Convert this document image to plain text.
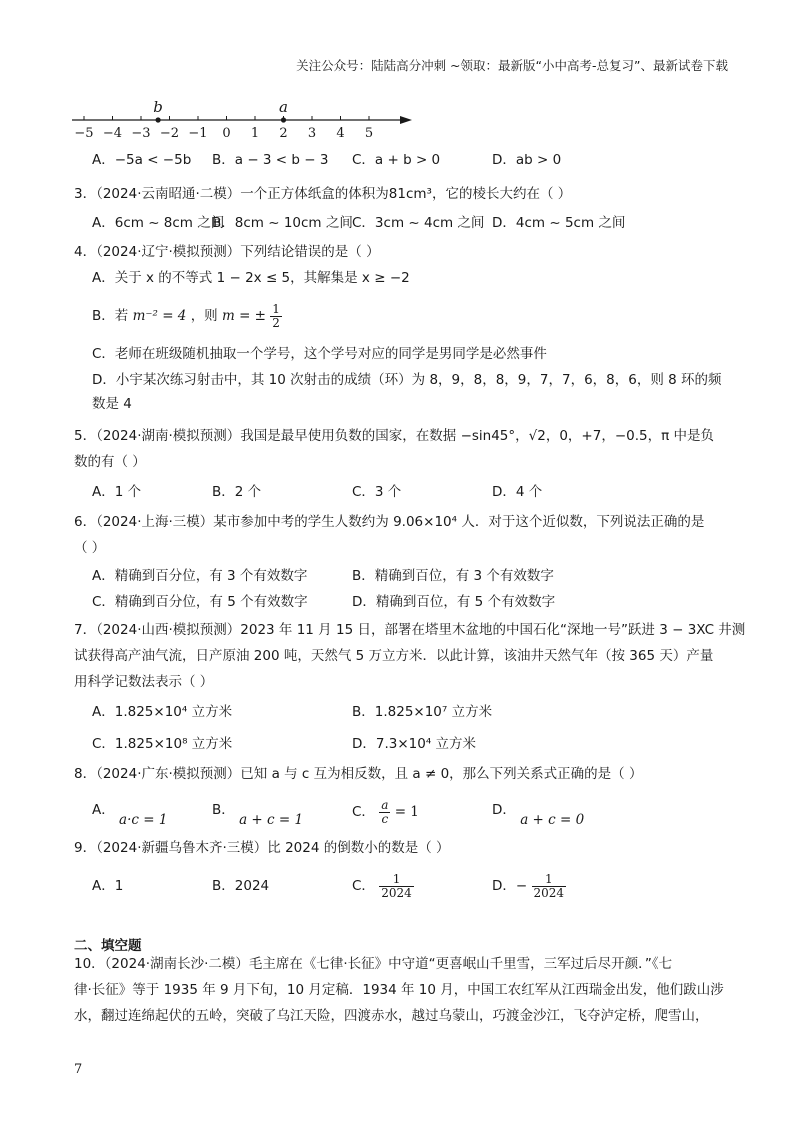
关注公众号：陆陆高分冲刺 ~领取：最新版“小中高考-总复习”、最新试卷下载
−5 −4 −3 −2 −1 0 1 2 3 4 5
b	a
A．−5a < −5b B．a − 3 < b − 3 C．a + b > 0	D．ab > 0
3．（2024·云南昭通·二模）一个正方体纸盒的体积为81cm³，它的棱长大约在（ ）
A．6cm ~ 8cm 之间
B．8cm ~ 10cm 之间 C．3cm ~ 4cm 之间 D．4cm ~ 5cm 之间
4．（2024·辽宁·模拟预测）下列结论错误的是（ ）
A．关于 x 的不等式 1 − 2x ≤ 5，其解集是 x ≥ −2
B．若 m⁻² = 4 ，则 m = ± $\frac{1}{2}$
C．老师在班级随机抽取一个学号，这个学号对应的同学是男同学是必然事件
D．小宇某次练习射击中，其 10 次射击的成绩（环）为 8，9，8，8，9，7，7，6，8，6，则 8 环的频
数是 4
5．（2024·湖南·模拟预测）我国是最早使用负数的国家，在数据 −sin45°，√2，0，+7，−0.5，π 中是负
数的有（ ）
A．1 个	B．2 个	C．3 个	D．4 个
6．（2024·上海·三模）某市参加中考的学生人数约为 9.06×10⁴ 人．对于这个近似数，下列说法正确的是
（ ）
A．精确到百分位，有 3 个有效数字	B．精确到百位，有 3 个有效数字
C．精确到百分位，有 5 个有效数字	D．精确到百位，有 5 个有效数字
7．（2024·山西·模拟预测）2023 年 11 月 15 日，部署在塔里木盆地的中国石化“深地一号”跃进 3 − 3XC 井测
试获得高产油气流，日产原油 200 吨，天然气 5 万立方米．以此计算，该油井天然气年（按 365 天）产量
用科学记数法表示（ ）
A．1.825×10⁴ 立方米	B．1.825×10⁷ 立方米
C．1.825×10⁸ 立方米	D．7.3×10⁴ 立方米
8．（2024·广东·模拟预测）已知 a 与 c 互为相反数，且 a ≠ 0，那么下列关系式正确的是（ ）
A． a·c = 1
B． a + c = 1	C． $\frac{a}{c} = 1$	D． a + c = 0
9．（2024·新疆乌鲁木齐·三模）比 2024 的倒数小的数是（ ）
A．1	B．2024	C． $\frac{1}{2024}$	D．− $\frac{1}{2024}$
二、填空题
10．（2024·湖南长沙·二模）毛主席在《七律·长征》中守道“更喜岷山千里雪，三军过后尽开颜．”《七
律·长征》等于 1935 年 9 月下旬，10 月定稿．1934 年 10 月，中国工农红军从江西瑞金出发，他们跋山涉
水，翻过连绵起伏的五岭，突破了乌江天险，四渡赤水，越过乌蒙山，巧渡金沙江，飞夺泸定桥，爬雪山，
7
